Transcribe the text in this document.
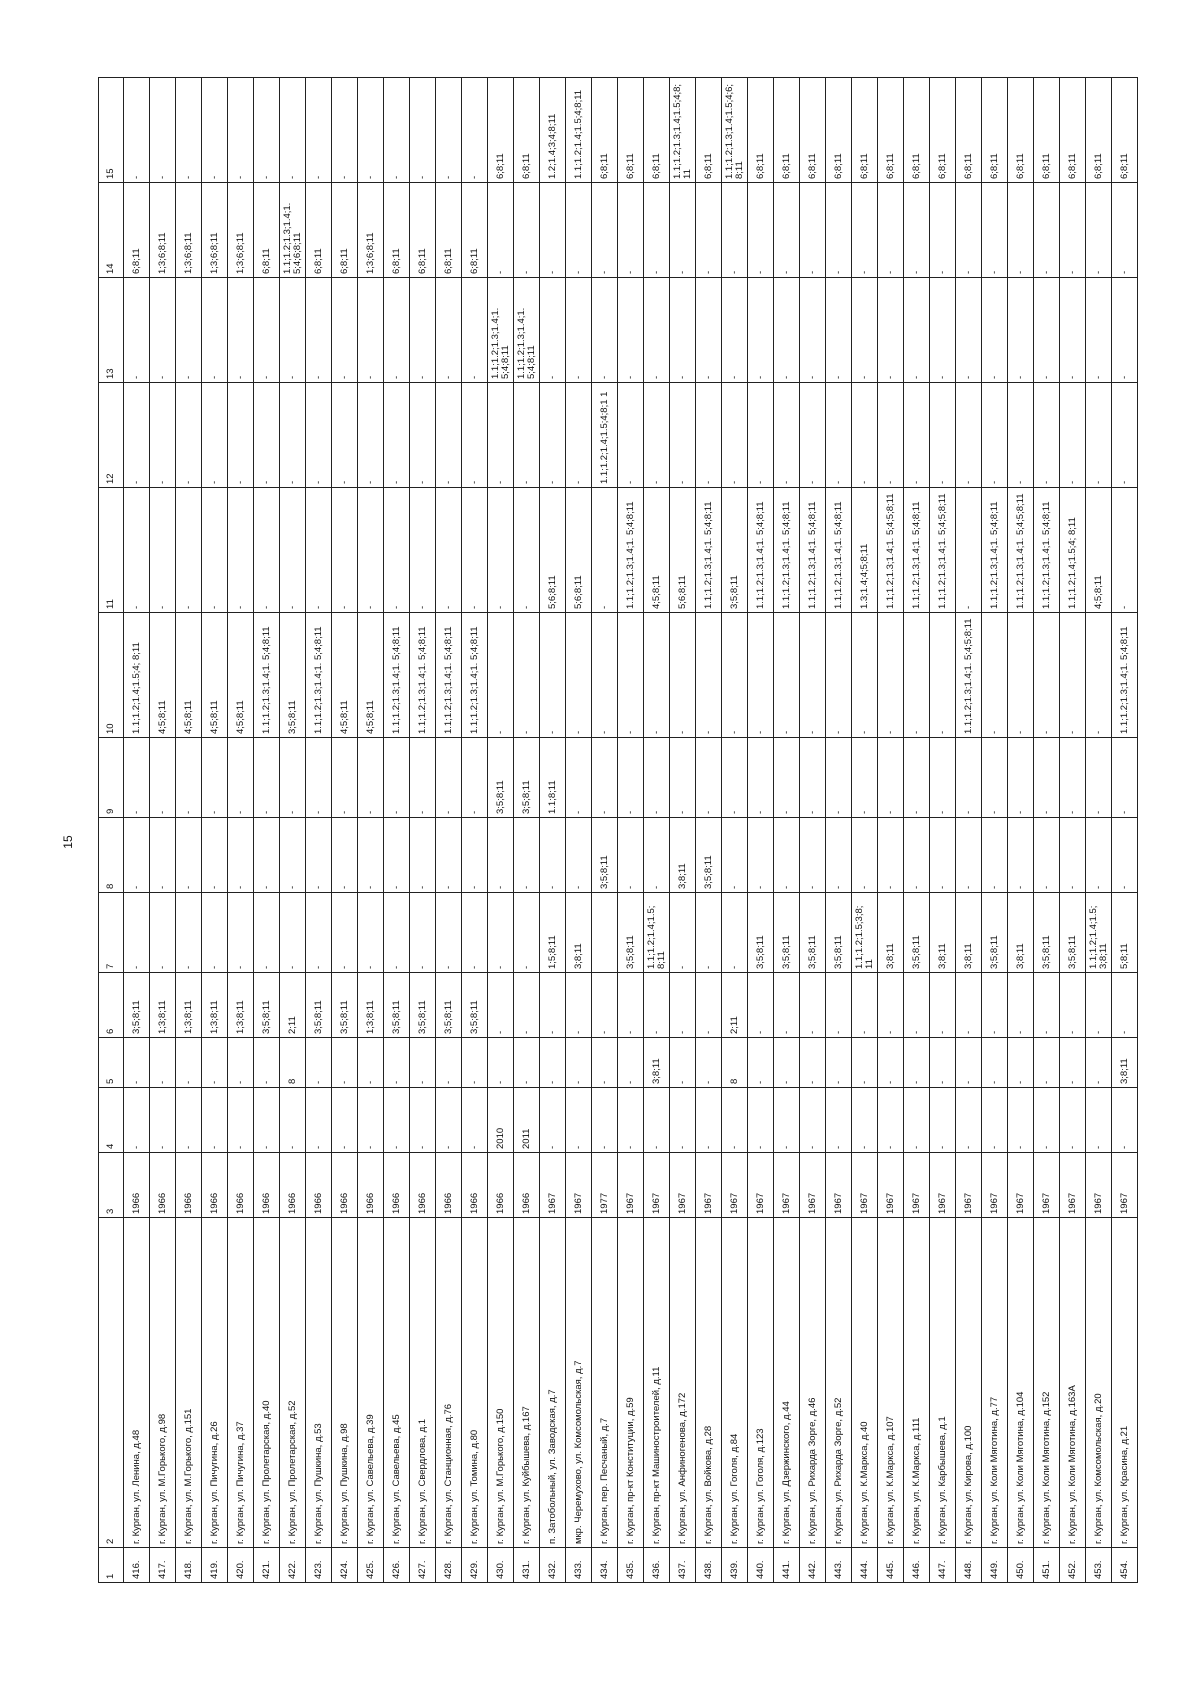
15
1	2	3	4	5	6	7	8	9	10	11	12	13	14	15
416.	г. Курган, ул. Ленина, д.48	1966	-	-	3;5;8;11	-	-	-	1.1;1.2;1.4;1.5;4; 8;11	-	-	-	6;8;11	-
417.	г. Курган, ул. М.Горького, д.98	1966	-	-	1;3;8;11	-	-	-	4;5;8;11	-	-	-	1;3;6;8;11	-
418.	г. Курган, ул. М.Горького, д.151	1966	-	-	1;3;8;11	-	-	-	4;5;8;11	-	-	-	1;3;6;8;11	-
419.	г. Курган, ул. Пичугина, д.26	1966	-	-	1;3;8;11	-	-	-	4;5;8;11	-	-	-	1;3;6;8;11	-
420.	г. Курган, ул. Пичугина, д.37	1966	-	-	1;3;8;11	-	-	-	4;5;8;11	-	-	-	1;3;6;8;11	-
421.	г. Курган, ул. Пролетарская, д.40	1966	-	-	3;5;8;11	-	-	-	1.1;1.2;1.3;1.4;1. 5;4;8;11	-	-	-	6;8;11	-
422.	г. Курган, ул. Пролетарская, д.52	1966	-	8	2;11	-	-	-	3;5;8;11	-	-	-	1.1;1.2;1.3;1.4;1. 5;4;6;8;11	-
423.	г. Курган, ул. Пушкина, д.53	1966	-	-	3;5;8;11	-	-	-	1.1;1.2;1.3;1.4;1. 5;4;8;11	-	-	-	6;8;11	-
424.	г. Курган, ул. Пушкина, д.98	1966	-	-	3;5;8;11	-	-	-	4;5;8;11	-	-	-	6;8;11	-
425.	г. Курган, ул. Савельева, д.39	1966	-	-	1;3;8;11	-	-	-	4;5;8;11	-	-	-	1;3;6;8;11	-
426.	г. Курган, ул. Савельева, д.45	1966	-	-	3;5;8;11	-	-	-	1.1;1.2;1.3;1.4;1. 5;4;8;11	-	-	-	6;8;11	-
427.	г. Курган, ул. Свердлова, д.1	1966	-	-	3;5;8;11	-	-	-	1.1;1.2;1.3;1.4;1. 5;4;8;11	-	-	-	6;8;11	-
428.	г. Курган, ул. Станционная, д.76	1966	-	-	3;5;8;11	-	-	-	1.1;1.2;1.3;1.4;1. 5;4;8;11	-	-	-	6;8;11	-
429.	г. Курган, ул. Томина, д.80	1966	-	-	3;5;8;11	-	-	-	1.1;1.2;1.3;1.4;1. 5;4;8;11	-	-	-	6;8;11	-
430.	г. Курган, ул. М.Горького, д.150	1966	2010	-	-	-	-	3;5;8;11	-	-	-	1.1;1.2;1.3;1.4;1. 5;4;8;11	-	6;8;11
431.	г. Курган, ул. Куйбышева, д.167	1966	2011	-	-	-	-	3;5;8;11	-	-	-	1.1;1.2;1.3;1.4;1. 5;4;8;11	-	6;8;11
432.	п. Затобольный, ул. Заводская, д.7	1967	-	-	-	1;5;8;11	-	1.1;8;11	-	5;6;8;11	-	-	-	1.2;1.4;3;4;8;11
433.	мкр. Черемухово, ул. Комсомольская, д.7	1967	-	-	-	3;8;11	-	-	-	5;6;8;11	-	-	-	1.1;1.2;1.4;1.5;4;8;11
434.	г. Курган, пер. Песчаный, д.7	1977	-	-	-		3;5;8;11	-	-	-	1.1;1.2;1.4;1.5;4;8;1 1	-	-	6;8;11
435.	г. Курган, пр-кт Конституции, д.59	1967	-	-	-	3;5;8;11	-	-	-	1.1;1.2;1.3;1.4;1. 5;4;8;11	-	-	-	6;8;11
436.	г. Курган, пр-кт Машиностроителей, д.11	1967	-	3;8;11	-	1.1;1.2;1.4;1.5; 8;11	-	-	-	4;5;8;11	-	-	-	6;8;11
437.	г. Курган, ул. Анфиногенова, д.172	1967	-	-	-	-	3;8;11	-	-	5;6;8;11	-	-	-	1.1;1.2;1.3;1.4;1.5;4;8; 11
438.	г. Курган, ул. Войкова, д.28	1967	-	-	-	-	3;5;8;11	-	-	1.1;1.2;1.3;1.4;1. 5;4;8;11	-	-	-	6;8;11
439.	г. Курган, ул. Гоголя, д.84	1967	-	8	2;11	-	-	-	-	3;5;8;11	-	-	-	1.1;1.2;1.3;1.4;1.5;4;6; 8;11
440.	г. Курган, ул. Гоголя, д.123	1967	-	-	-	3;5;8;11	-	-	-	1.1;1.2;1.3;1.4;1. 5;4;8;11	-	-	-	6;8;11
441.	г. Курган, ул. Дзержинского, д.44	1967	-	-	-	3;5;8;11	-	-	-	1.1;1.2;1.3;1.4;1. 5;4;8;11	-	-	-	6;8;11
442.	г. Курган, ул. Рихарда Зорге, д.46	1967	-	-	-	3;5;8;11	-	-	-	1.1;1.2;1.3;1.4;1. 5;4;8;11	-	-	-	6;8;11
443.	г. Курган, ул. Рихарда Зорге, д.52	1967	-	-	-	3;5;8;11	-	-	-	1.1;1.2;1.3;1.4;1. 5;4;8;11	-	-	-	6;8;11
444.	г. Курган, ул. К.Маркса, д.40	1967	-	-	-	1.1;1.2;1.5;3;8; 11	-	-	-	1.3;1.4;4;5;8;11	-	-	-	6;8;11
445.	г. Курган, ул. К.Маркса, д.107	1967	-	-	-	3;8;11	-	-	-	1.1;1.2;1.3;1.4;1. 5;4;5;8;11	-	-	-	6;8;11
446.	г. Курган, ул. К.Маркса, д.111	1967	-	-	-	3;5;8;11	-	-	-	1.1;1.2;1.3;1.4;1. 5;4;8;11	-	-	-	6;8;11
447.	г. Курган, ул. Карбышева, д.1	1967	-	-	-	3;8;11	-	-	-	1.1;1.2;1.3;1.4;1. 5;4;5;8;11	-	-	-	6;8;11
448.	г. Курган, ул. Кирова, д.100	1967	-	-	-	3;8;11	-	-	1.1;1.2;1.3;1.4;1. 5;4;5;8;11	-	-	-	-	6;8;11
449.	г. Курган, ул. Коли Мяготина, д.77	1967	-	-	-	3;5;8;11	-	-	-	1.1;1.2;1.3;1.4;1. 5;4;8;11	-	-	-	6;8;11
450.	г. Курган, ул. Коли Мяготина, д.104	1967	-	-	-	3;8;11	-	-	-	1.1;1.2;1.3;1.4;1. 5;4;5;8;11	-	-	-	6;8;11
451.	г. Курган, ул. Коли Мяготина, д.152	1967	-	-	-	3;5;8;11	-	-	-	1.1;1.2;1.3;1.4;1. 5;4;8;11	-	-	-	6;8;11
452.	г. Курган, ул. Коли Мяготина, д.163А	1967	-	-	-	3;5;8;11	-	-	-	1.1;1.2;1.4;1.5;4; 8;11	-	-	-	6;8;11
453.	г. Курган, ул. Комсомольская, д.20	1967	-	-	-	1.1;1.2;1.4;1.5; 3;8;11	-	-	-	4;5;8;11	-	-	-	6;8;11
454.	г. Курган, ул. Красина, д.21	1967	-	3;8;11	-	5;8;11	-	-	1.1;1.2;1.3;1.4;1. 5;4;8;11	-	-	-	-	6;8;11
